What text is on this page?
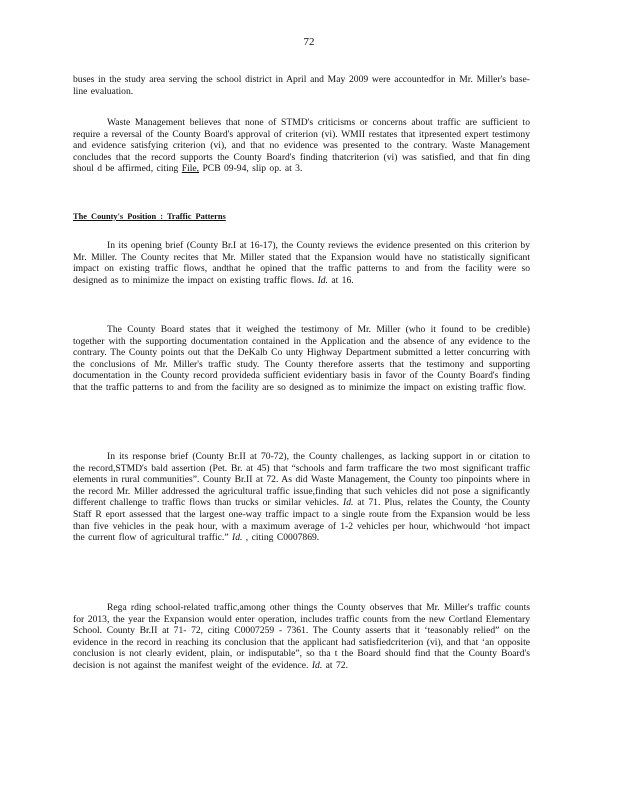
72
buses in the study area serving the school district in April and May 2009 were accountedfor in Mr. Miller's base-line evaluation.
Waste Management believes that none of STMD's criticisms or concerns about traffic are sufficient to require a reversal of the County Board's approval of criterion (vi). WMII restates that itpresented expert testimony and evidence satisfying criterion (vi), and that no evidence was presented to the contrary. Waste Management concludes that the record supports the County Board's finding thatcriterion (vi) was satisfied, and that fin ding shoul d be affirmed, citing File, PCB 09-94, slip op. at 3.
The County's Position : Traffic Patterns
In its opening brief (County Br.I at 16-17), the County reviews the evidence presented on this criterion by Mr. Miller. The County recites that Mr. Miller stated that the Expansion would have no statistically significant impact on existing traffic flows, andthat he opined that the traffic patterns to and from the facility were so designed as to minimize the impact on existing traffic flows. Id. at 16.
The County Board states that it weighed the testimony of Mr. Miller (who it found to be credible) together with the supporting documentation contained in the Application and the absence of any evidence to the contrary. The County points out that the DeKalb Co unty Highway Department submitted a letter concurring with the conclusions of Mr. Miller's traffic study. The County therefore asserts that the testimony and supporting documentation in the County record provideda sufficient evidentiary basis in favor of the County Board's finding that the traffic patterns to and from the facility are so designed as to minimize the impact on existing traffic flow.
In its response brief (County Br.II at 70-72), the County challenges, as lacking support in or citation to the record,STMD's bald assertion (Pet. Br. at 45) that “schools and farm trafficare the two most significant traffic elements in rural communities”. County Br.II at 72. As did Waste Management, the County too pinpoints where in the record Mr. Miller addressed the agricultural traffic issue,finding that such vehicles did not pose a significantly different challenge to traffic flows than trucks or similar vehicles. Id. at 71. Plus, relates the County, the County Staff R eport assessed that the largest one-way traffic impact to a single route from the Expansion would be less than five vehicles in the peak hour, with a maximum average of 1-2 vehicles per hour, whichwould ‘hot impact the current flow of agricultural traffic.” Id. , citing C0007869.
Rega rding school-related traffic,among other things the County observes that Mr. Miller's traffic counts for 2013, the year the Expansion would enter operation, includes traffic counts from the new Cortland Elementary School. County Br.II at 71- 72, citing C0007259 - 7361. The County asserts that it ‘teasonably relied” on the evidence in the record in reaching its conclusion that the applicant had satisfiedcriterion (vi), and that ‘an opposite conclusion is not clearly evident, plain, or indisputable”, so tha t the Board should find that the County Board's decision is not against the manifest weight of the evidence. Id. at 72.
